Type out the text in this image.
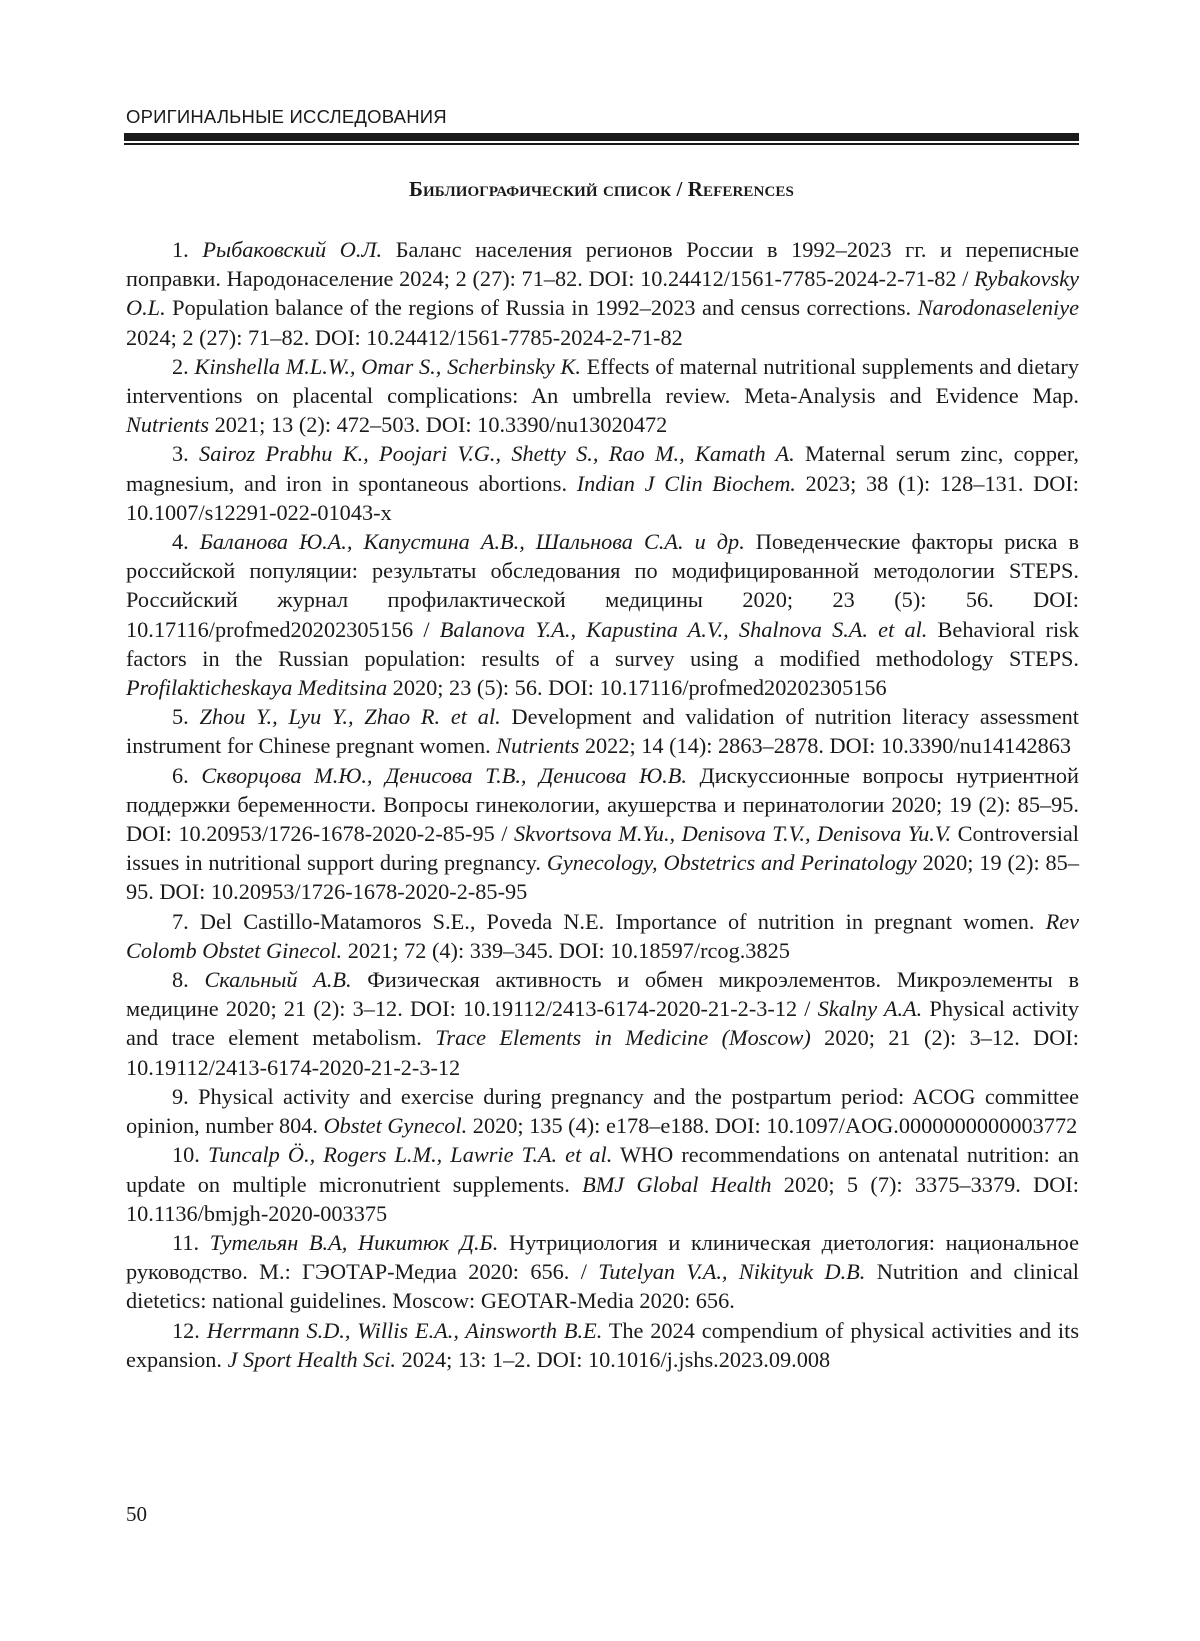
ОРИГИНАЛЬНЫЕ ИССЛЕДОВАНИЯ
Библиографический список / References

1. Рыбаковский О.Л. Баланс населения регионов России в 1992–2023 гг. и переписные поправки. Народонаселение 2024; 2 (27): 71–82. DOI: 10.24412/1561-7785-2024-2-71-82 / Rybakovsky O.L. Population balance of the regions of Russia in 1992–2023 and census corrections. Narodonaseleniye 2024; 2 (27): 71–82. DOI: 10.24412/1561-7785-2024-2-71-82

2. Kinshella M.L.W., Omar S., Scherbinsky K. Effects of maternal nutritional supplements and dietary interventions on placental complications: An umbrella review. Meta-Analysis and Evidence Map. Nutrients 2021; 13 (2): 472–503. DOI: 10.3390/nu13020472

3. Sairoz Prabhu K., Poojari V.G., Shetty S., Rao M., Kamath A. Maternal serum zinc, copper, magnesium, and iron in spontaneous abortions. Indian J Clin Biochem. 2023; 38 (1): 128–131. DOI: 10.1007/s12291-022-01043-x

4. Баланова Ю.А., Капустина А.В., Шальнова С.А. и др. Поведенческие факторы риска в российской популяции: результаты обследования по модифицированной методологии STEPS. Российский журнал профилактической медицины 2020; 23 (5): 56. DOI: 10.17116/profmed20202305156 / Balanova Y.A., Kapustina A.V., Shalnova S.A. et al. Behavioral risk factors in the Russian population: results of a survey using a modified methodology STEPS. Profilakticheskaya Meditsina 2020; 23 (5): 56. DOI: 10.17116/profmed20202305156

5. Zhou Y., Lyu Y., Zhao R. et al. Development and validation of nutrition literacy assessment instrument for Chinese pregnant women. Nutrients 2022; 14 (14): 2863–2878. DOI: 10.3390/nu14142863

6. Скворцова М.Ю., Денисова Т.В., Денисова Ю.В. Дискуссионные вопросы нутриентной поддержки беременности. Вопросы гинекологии, акушерства и перинатологии 2020; 19 (2): 85–95. DOI: 10.20953/1726-1678-2020-2-85-95 / Skvortsova M.Yu., Denisova T.V., Denisova Yu.V. Controversial issues in nutritional support during pregnancy. Gynecology, Obstetrics and Perinatology 2020; 19 (2): 85–95. DOI: 10.20953/1726-1678-2020-2-85-95

7. Del Castillo-Matamoros S.E., Poveda N.E. Importance of nutrition in pregnant women. Rev Colomb Obstet Ginecol. 2021; 72 (4): 339–345. DOI: 10.18597/rcog.3825

8. Скальный А.В. Физическая активность и обмен микроэлементов. Микроэлементы в медицине 2020; 21 (2): 3–12. DOI: 10.19112/2413-6174-2020-21-2-3-12 / Skalny A.A. Physical activity and trace element metabolism. Trace Elements in Medicine (Moscow) 2020; 21 (2): 3–12. DOI: 10.19112/2413-6174-2020-21-2-3-12

9. Physical activity and exercise during pregnancy and the postpartum period: ACOG committee opinion, number 804. Obstet Gynecol. 2020; 135 (4): e178–e188. DOI: 10.1097/AOG.0000000000003772

10. Tuncalp Ö., Rogers L.M., Lawrie T.A. et al. WHO recommendations on antenatal nutrition: an update on multiple micronutrient supplements. BMJ Global Health 2020; 5 (7): 3375–3379. DOI: 10.1136/bmjgh-2020-003375

11. Тутельян В.А, Никитюк Д.Б. Нутрициология и клиническая диетология: национальное руководство. М.: ГЭОТАР-Медиа 2020: 656. / Tutelyan V.A., Nikityuk D.B. Nutrition and clinical dietetics: national guidelines. Moscow: GEOTAR-Media 2020: 656.

12. Herrmann S.D., Willis E.A., Ainsworth B.E. The 2024 compendium of physical activities and its expansion. J Sport Health Sci. 2024; 13: 1–2. DOI: 10.1016/j.jshs.2023.09.008

50
